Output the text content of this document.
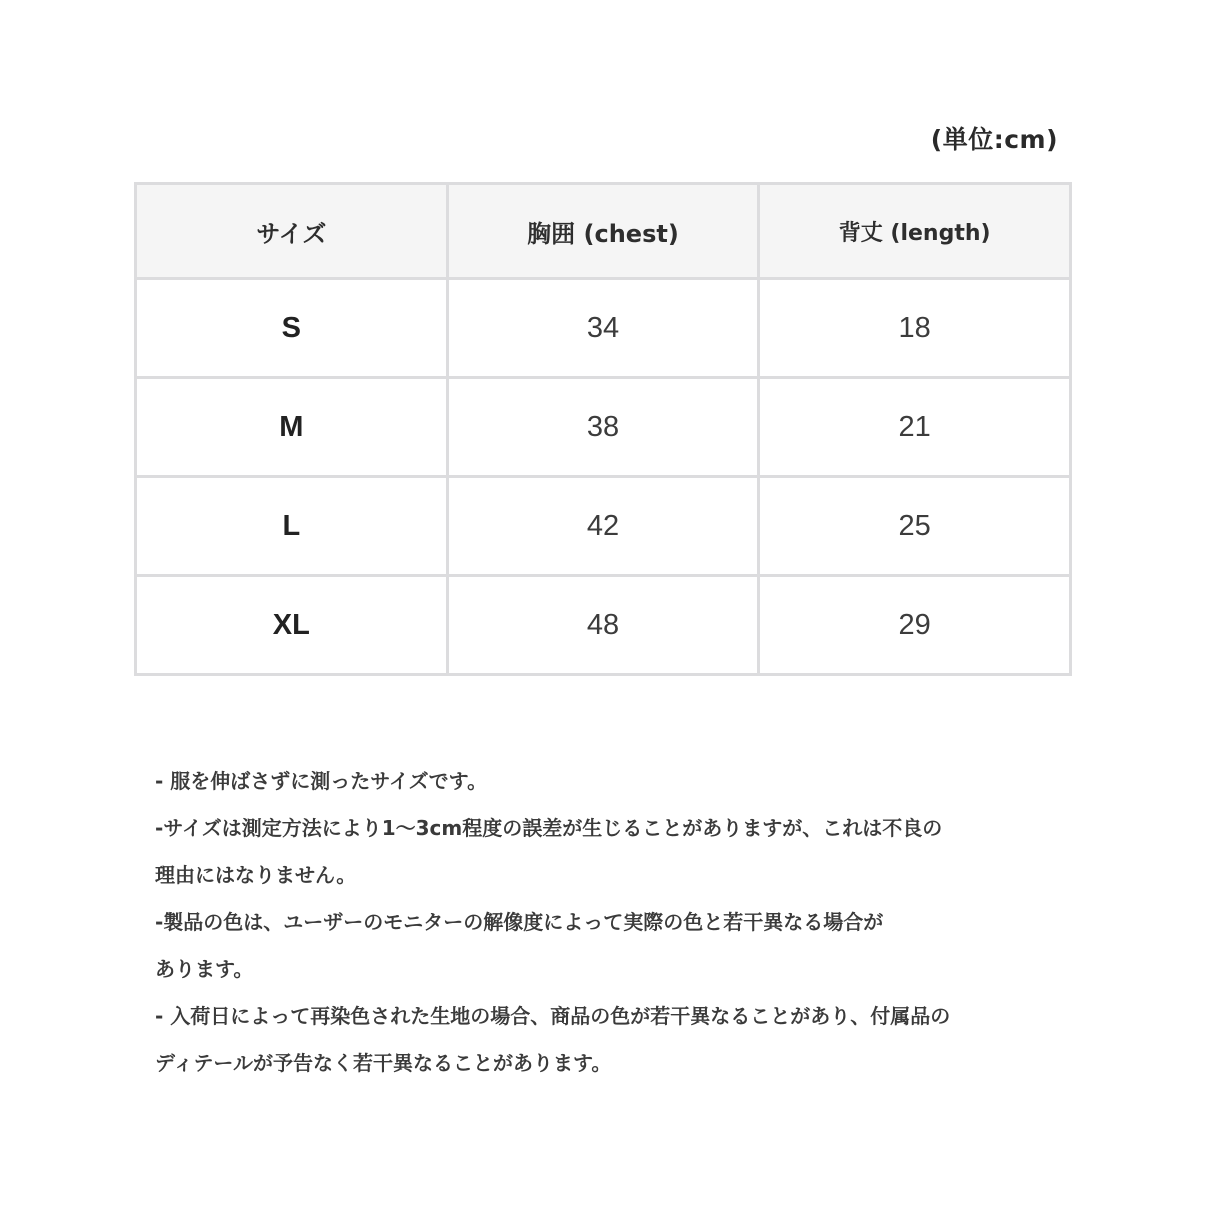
(単位:cm)
サイズ	胸囲 (chest)	背丈 (length)
S	34	18
M	38	21
L	42	25
XL	48	29

- 服を伸ばさずに測ったサイズです。

-サイズは測定方法により1～3cm程度の誤差が生じることがありますが、これは不良の

理由にはなりません。

-製品の色は、ユーザーのモニターの解像度によって実際の色と若干異なる場合が

あります。

- 入荷日によって再染色された生地の場合、商品の色が若干異なることがあり、付属品の

ディテールが予告なく若干異なることがあります。
